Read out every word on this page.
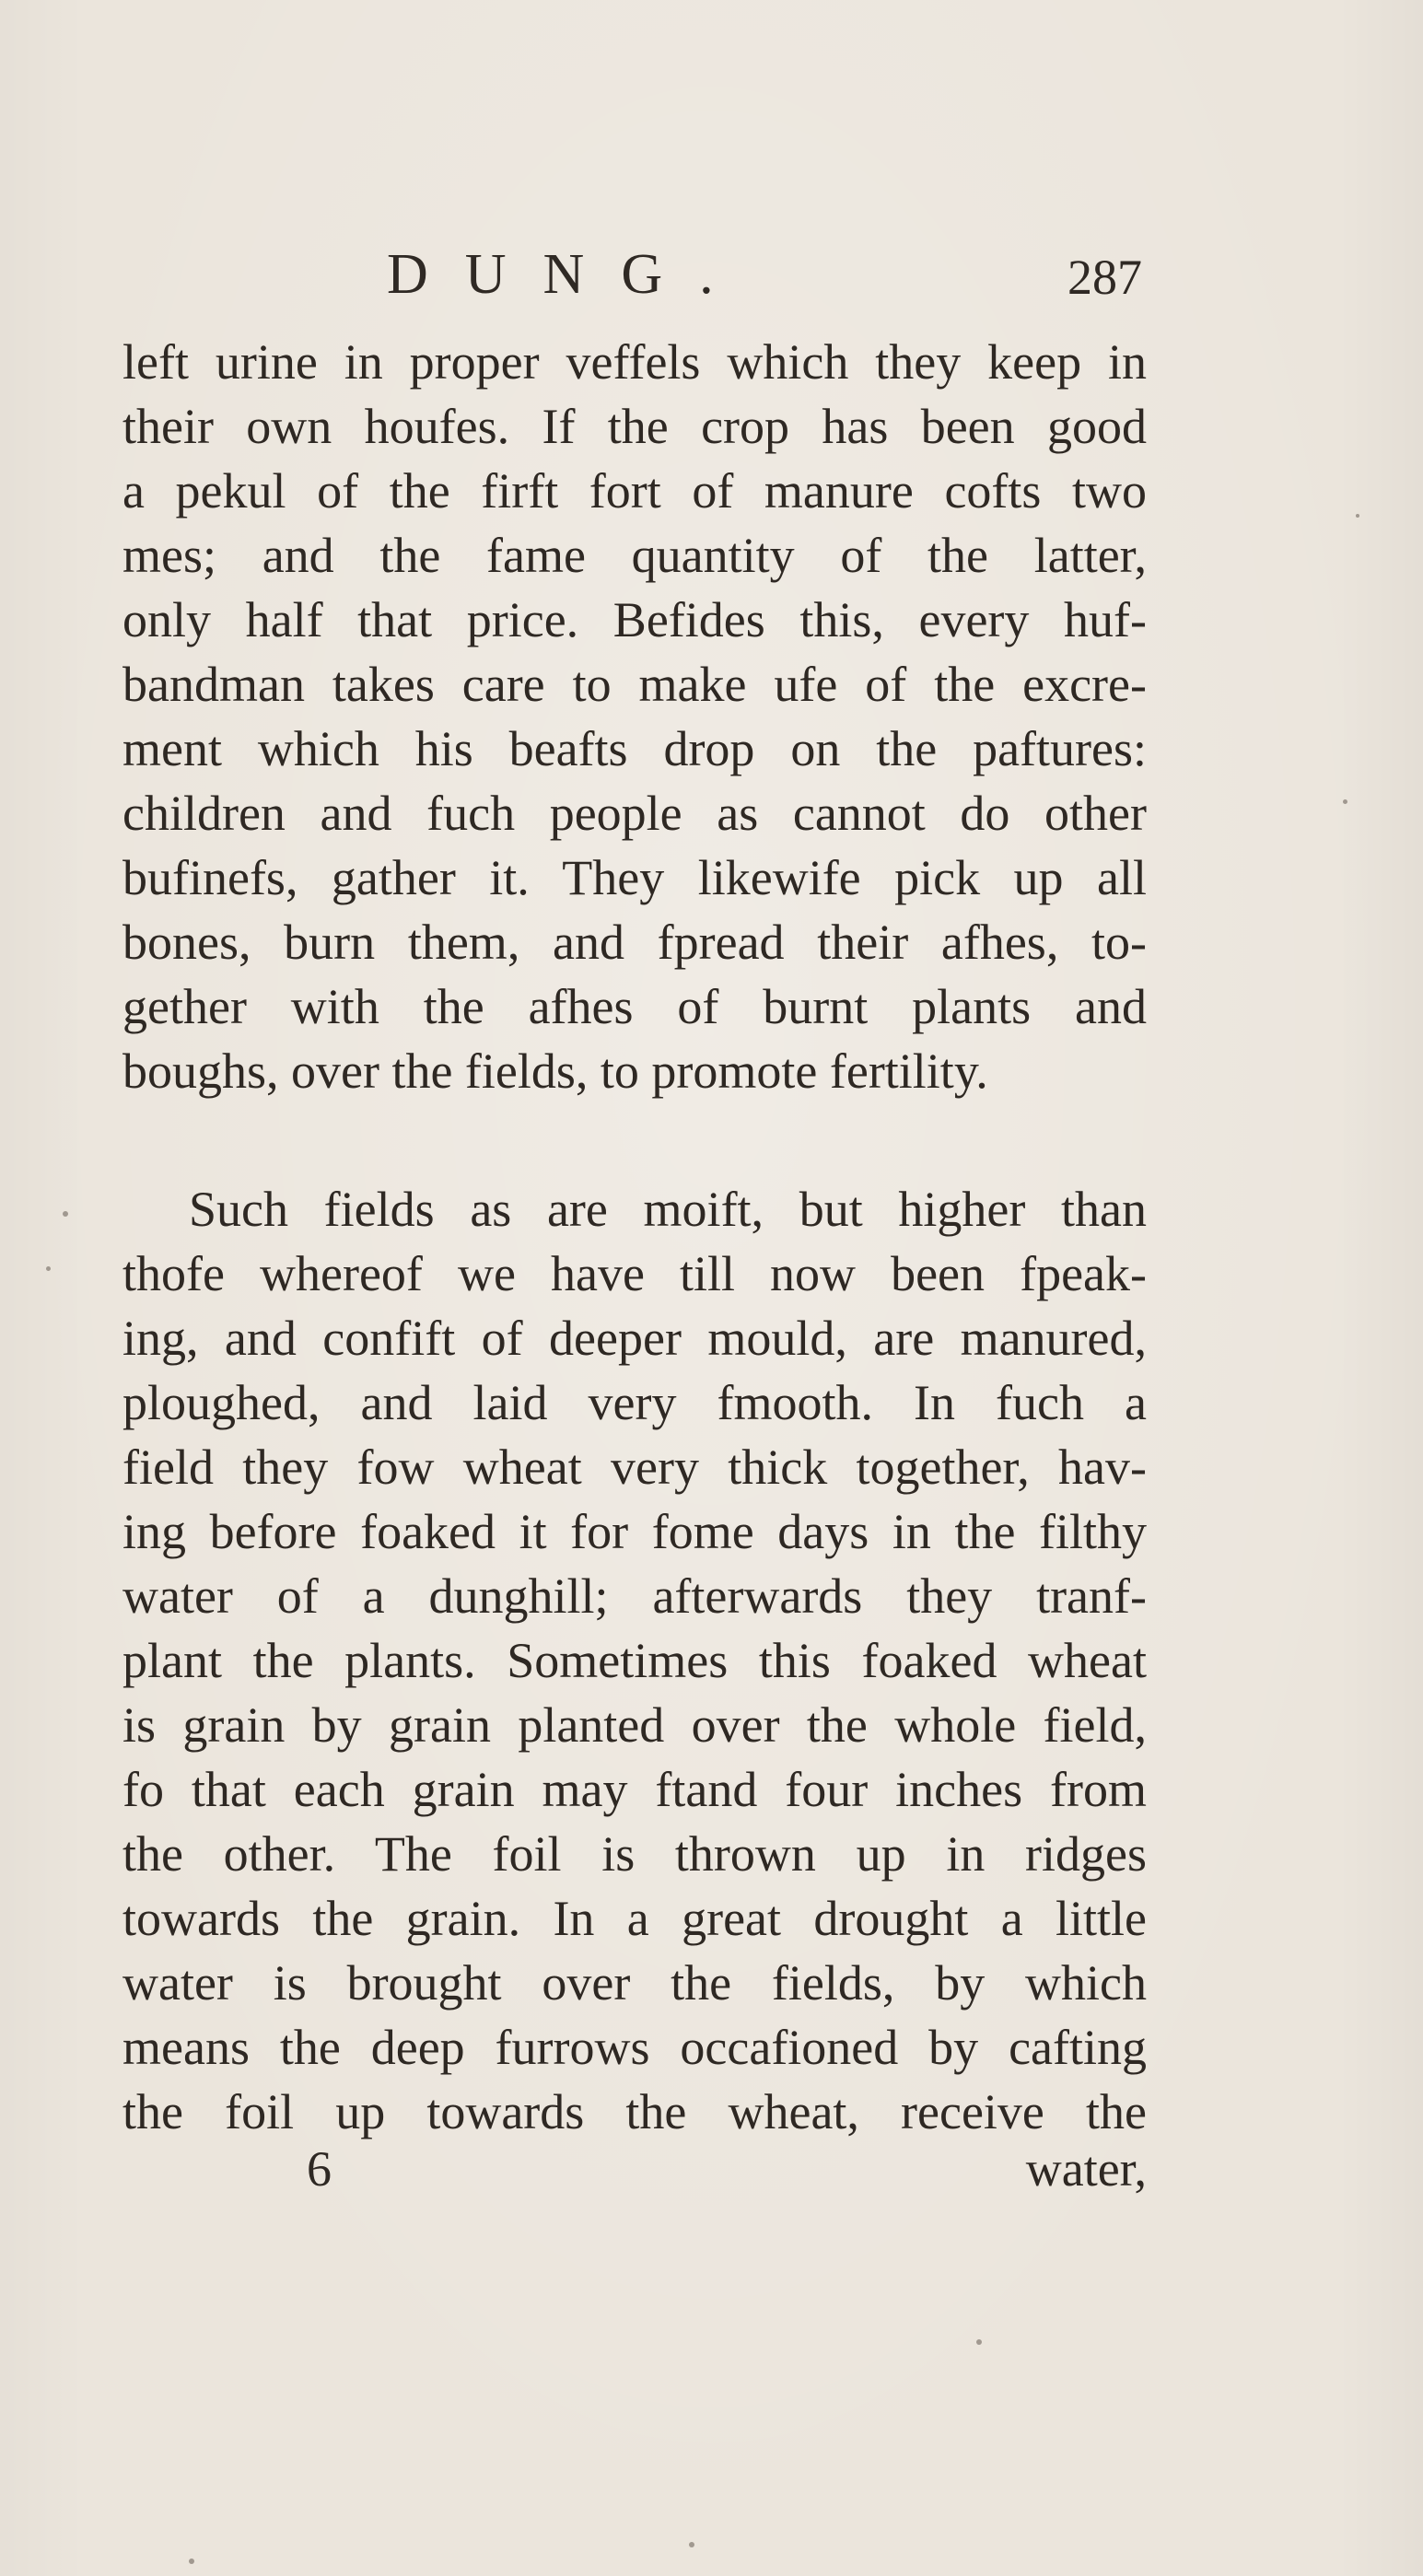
DUNG.	287
left urine in proper veffels which they keep in
their own houfes. If the crop has been good
a pekul of the firft fort of manure cofts two
mes; and the fame quantity of the latter,
only half that price. Befides this, every huf-
bandman takes care to make ufe of the excre-
ment which his beafts drop on the paftures:
children and fuch people as cannot do other
bufinefs, gather it. They likewife pick up all
bones, burn them, and fpread their afhes, to-
gether with the afhes of burnt plants and
boughs, over the fields, to promote fertility.
Such fields as are moift, but higher than
thofe whereof we have till now been fpeak-
ing, and confift of deeper mould, are manured,
ploughed, and laid very fmooth. In fuch a
field they fow wheat very thick together, hav-
ing before foaked it for fome days in the filthy
water of a dunghill; afterwards they tranf-
plant the plants. Sometimes this foaked wheat
is grain by grain planted over the whole field,
fo that each grain may ftand four inches from
the other. The foil is thrown up in ridges
towards the grain. In a great drought a little
water is brought over the fields, by which
means the deep furrows occafioned by cafting
the foil up towards the wheat, receive the
6	water,
